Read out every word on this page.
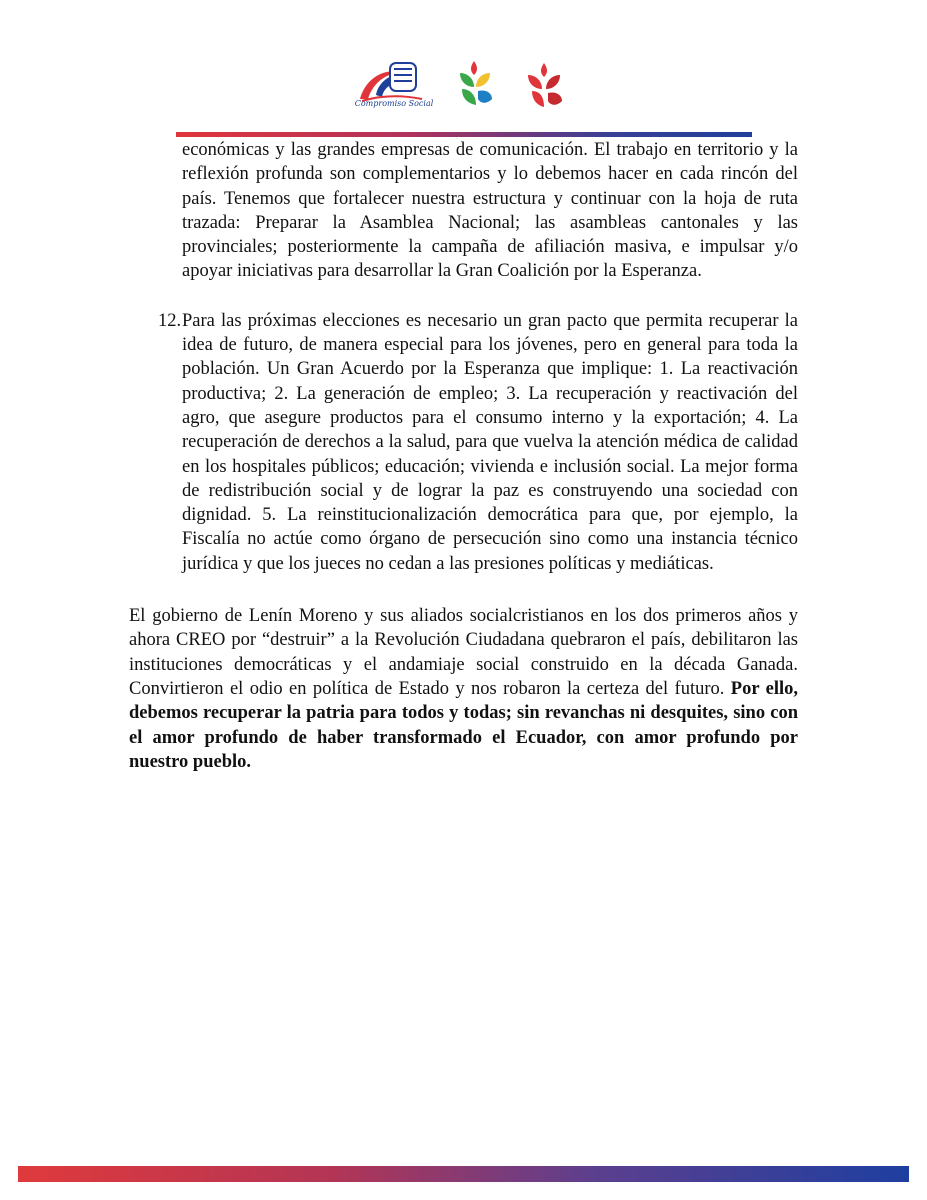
Compromiso Social

económicas y las grandes empresas de comunicación. El trabajo en territorio y la reflexión profunda son complementarios y lo debemos hacer en cada rincón del país. Tenemos que fortalecer nuestra estructura y continuar con la hoja de ruta trazada: Preparar la Asamblea Nacional; las asambleas cantonales y las provinciales; posteriormente la campaña de afiliación masiva, e impulsar y/o apoyar iniciativas para desarrollar la Gran Coalición por la Esperanza.

12. Para las próximas elecciones es necesario un gran pacto que permita recuperar la idea de futuro, de manera especial para los jóvenes, pero en general para toda la población. Un Gran Acuerdo por la Esperanza que implique: 1. La reactivación productiva; 2. La generación de empleo; 3. La recuperación y reactivación del agro, que asegure productos para el consumo interno y la exportación; 4. La recuperación de derechos a la salud, para que vuelva la atención médica de calidad en los hospitales públicos; educación; vivienda e inclusión social. La mejor forma de redistribución social y de lograr la paz es construyendo una sociedad con dignidad. 5. La reinstitucionalización democrática para que, por ejemplo, la Fiscalía no actúe como órgano de persecución sino como una instancia técnico jurídica y que los jueces no cedan a las presiones políticas y mediáticas.

El gobierno de Lenín Moreno y sus aliados socialcristianos en los dos primeros años y ahora CREO por “destruir” a la Revolución Ciudadana quebraron el país, debilitaron las instituciones democráticas y el andamiaje social construido en la década Ganada. Convirtieron el odio en política de Estado y nos robaron la certeza del futuro. Por ello, debemos recuperar la patria para todos y todas; sin revanchas ni desquites, sino con el amor profundo de haber transformado el Ecuador, con amor profundo por nuestro pueblo.
